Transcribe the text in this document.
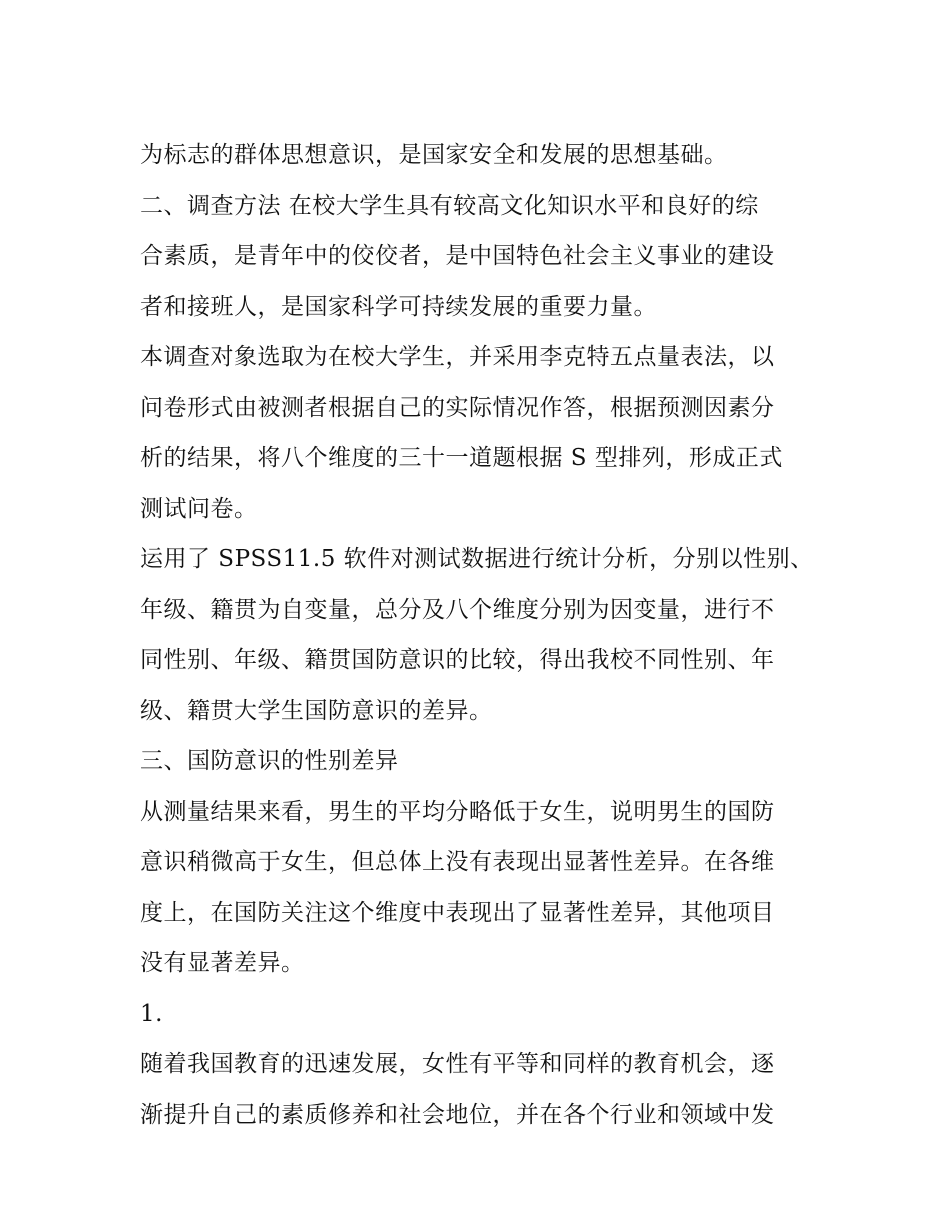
为标志的群体思想意识，是国家安全和发展的思想基础。

二、调查方法 在校大学生具有较高文化知识水平和良好的综
合素质，是青年中的佼佼者，是中国特色社会主义事业的建设
者和接班人，是国家科学可持续发展的重要力量。

本调查对象选取为在校大学生，并采用李克特五点量表法，以
问卷形式由被测者根据自己的实际情况作答，根据预测因素分
析的结果，将八个维度的三十一道题根据 S 型排列，形成正式
测试问卷。

运用了 SPSS11.5 软件对测试数据进行统计分析，分别以性别、
年级、籍贯为自变量，总分及八个维度分别为因变量，进行不
同性别、年级、籍贯国防意识的比较，得出我校不同性别、年
级、籍贯大学生国防意识的差异。

三、国防意识的性别差异

从测量结果来看，男生的平均分略低于女生，说明男生的国防
意识稍微高于女生，但总体上没有表现出显著性差异。在各维
度上，在国防关注这个维度中表现出了显著性差异，其他项目
没有显著差异。

1.

随着我国教育的迅速发展，女性有平等和同样的教育机会，逐
渐提升自己的素质修养和社会地位，并在各个行业和领域中发
